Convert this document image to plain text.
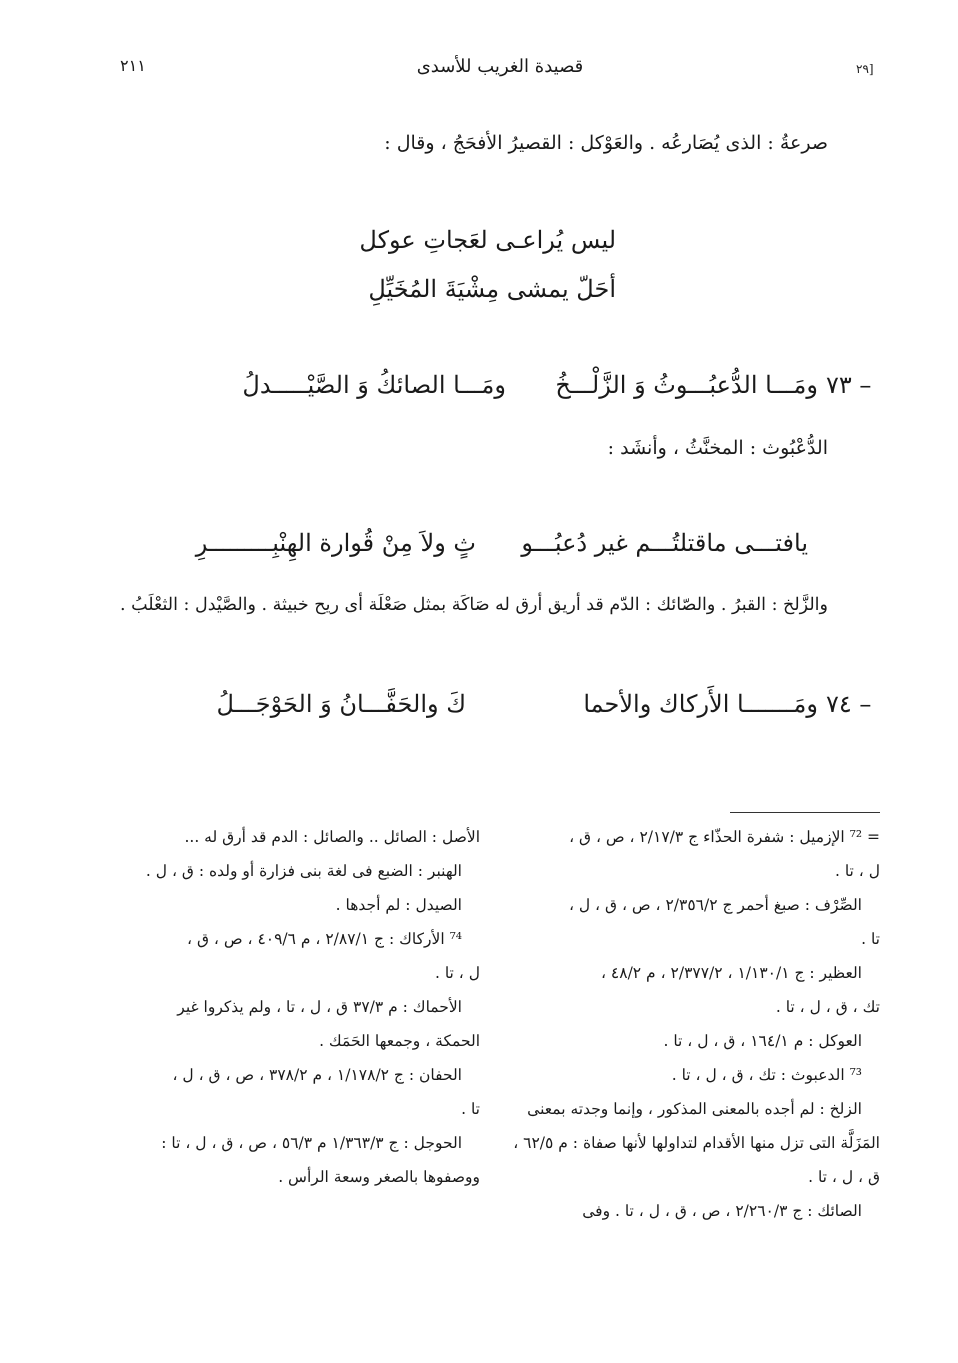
٢١١	قصيدة الغريب للأسدى	٢٩]
صرعةُ : الذى يُصَارعُه . والعَوْكل : القصيرُ الأفحَجُ ، وقال :
ليس يُراعـى لعَجاتِ عوكل
أحَلّ يمشى مِشْيَةَ المُخَيِّلِ
٧٣ –
ومَـــا الدُّعبُـــوثُ وَ الزَّلْـــخُ
ومَـــا الصائكُ وَ الصَّيْـــــدلُ
الدُّعْبُوث : المخنَّثُ ، وأنشَد :
يافتـــى ماقتلتُـــم غير دُعبُـــو
ثٍ ولاَ مِنْ قُوارة الهِنْبِـــــــــرِ
والزَّلخ : القبرُ . والصّائك : الدّم قد أريق أرق له صَاكَة بمثل صَعْلَة أى ريح خبيثة . والصَّيْدل : الثعْلَبُ .
٧٤ –
ومَـــــــا الأَركاك والأحما
كَ والحَفَّـــانُ وَ الحَوْجَـــلُ
= ⁷² الإزميل : شفرة الحذّاء ج ٢/١٧/٣ ، ص ، ق ،
ل ، تا .
الصِّرْف : صبغ أحمر ج ٢/٣٥٦/٢ ، ص ، ق ، ل ،
تا .
العظير : ج ١/١٣٠/١ ، ٢/٣٧٧/٢ ، م ٤٨/٢ ،
تك ، ق ، ل ، تا .
العوكل : م ١٦٤/١ ، ق ، ل ، تا .
⁷³ الدعبوث : تك ، ق ، ل ، تا .
الزلخ : لم أجده بالمعنى المذكور ، وإنما وجدته بمعنى
المَزَلَّة التى تزل منها الأقدام لتداولها لأنها صفاة : م ٦٢/٥ ،
ق ، ل ، تا .
الصائك : ج ٢/٢٦٠/٣ ، ص ، ق ، ل ، تا . وفى
الأصل : الصائل .. والصائل : الدم قد أرق له ...
الهنبر : الضبع فى لغة بنى فزارة أو ولده : ق ، ل .
الصيدل : لم أجدها .
⁷⁴ الأركاك : ج ٢/٨٧/١ ، م ٤٠٩/٦ ، ص ، ق ،
ل ، تا .
الأحماك : م ٣٧/٣ ق ، ل ، تا ، ولم يذكروا غير
الحمكة ، وجمعها الحَمَك .
الحفان : ج ١/١٧٨/٢ ، م ٣٧٨/٢ ، ص ، ق ، ل ،
تا .
الحوجل : ج ١/٣٦٣/٣ م ٥٦/٣ ، ص ، ق ، ل ، تا :
ووصفوها بالصغر وسعة الرأس .
